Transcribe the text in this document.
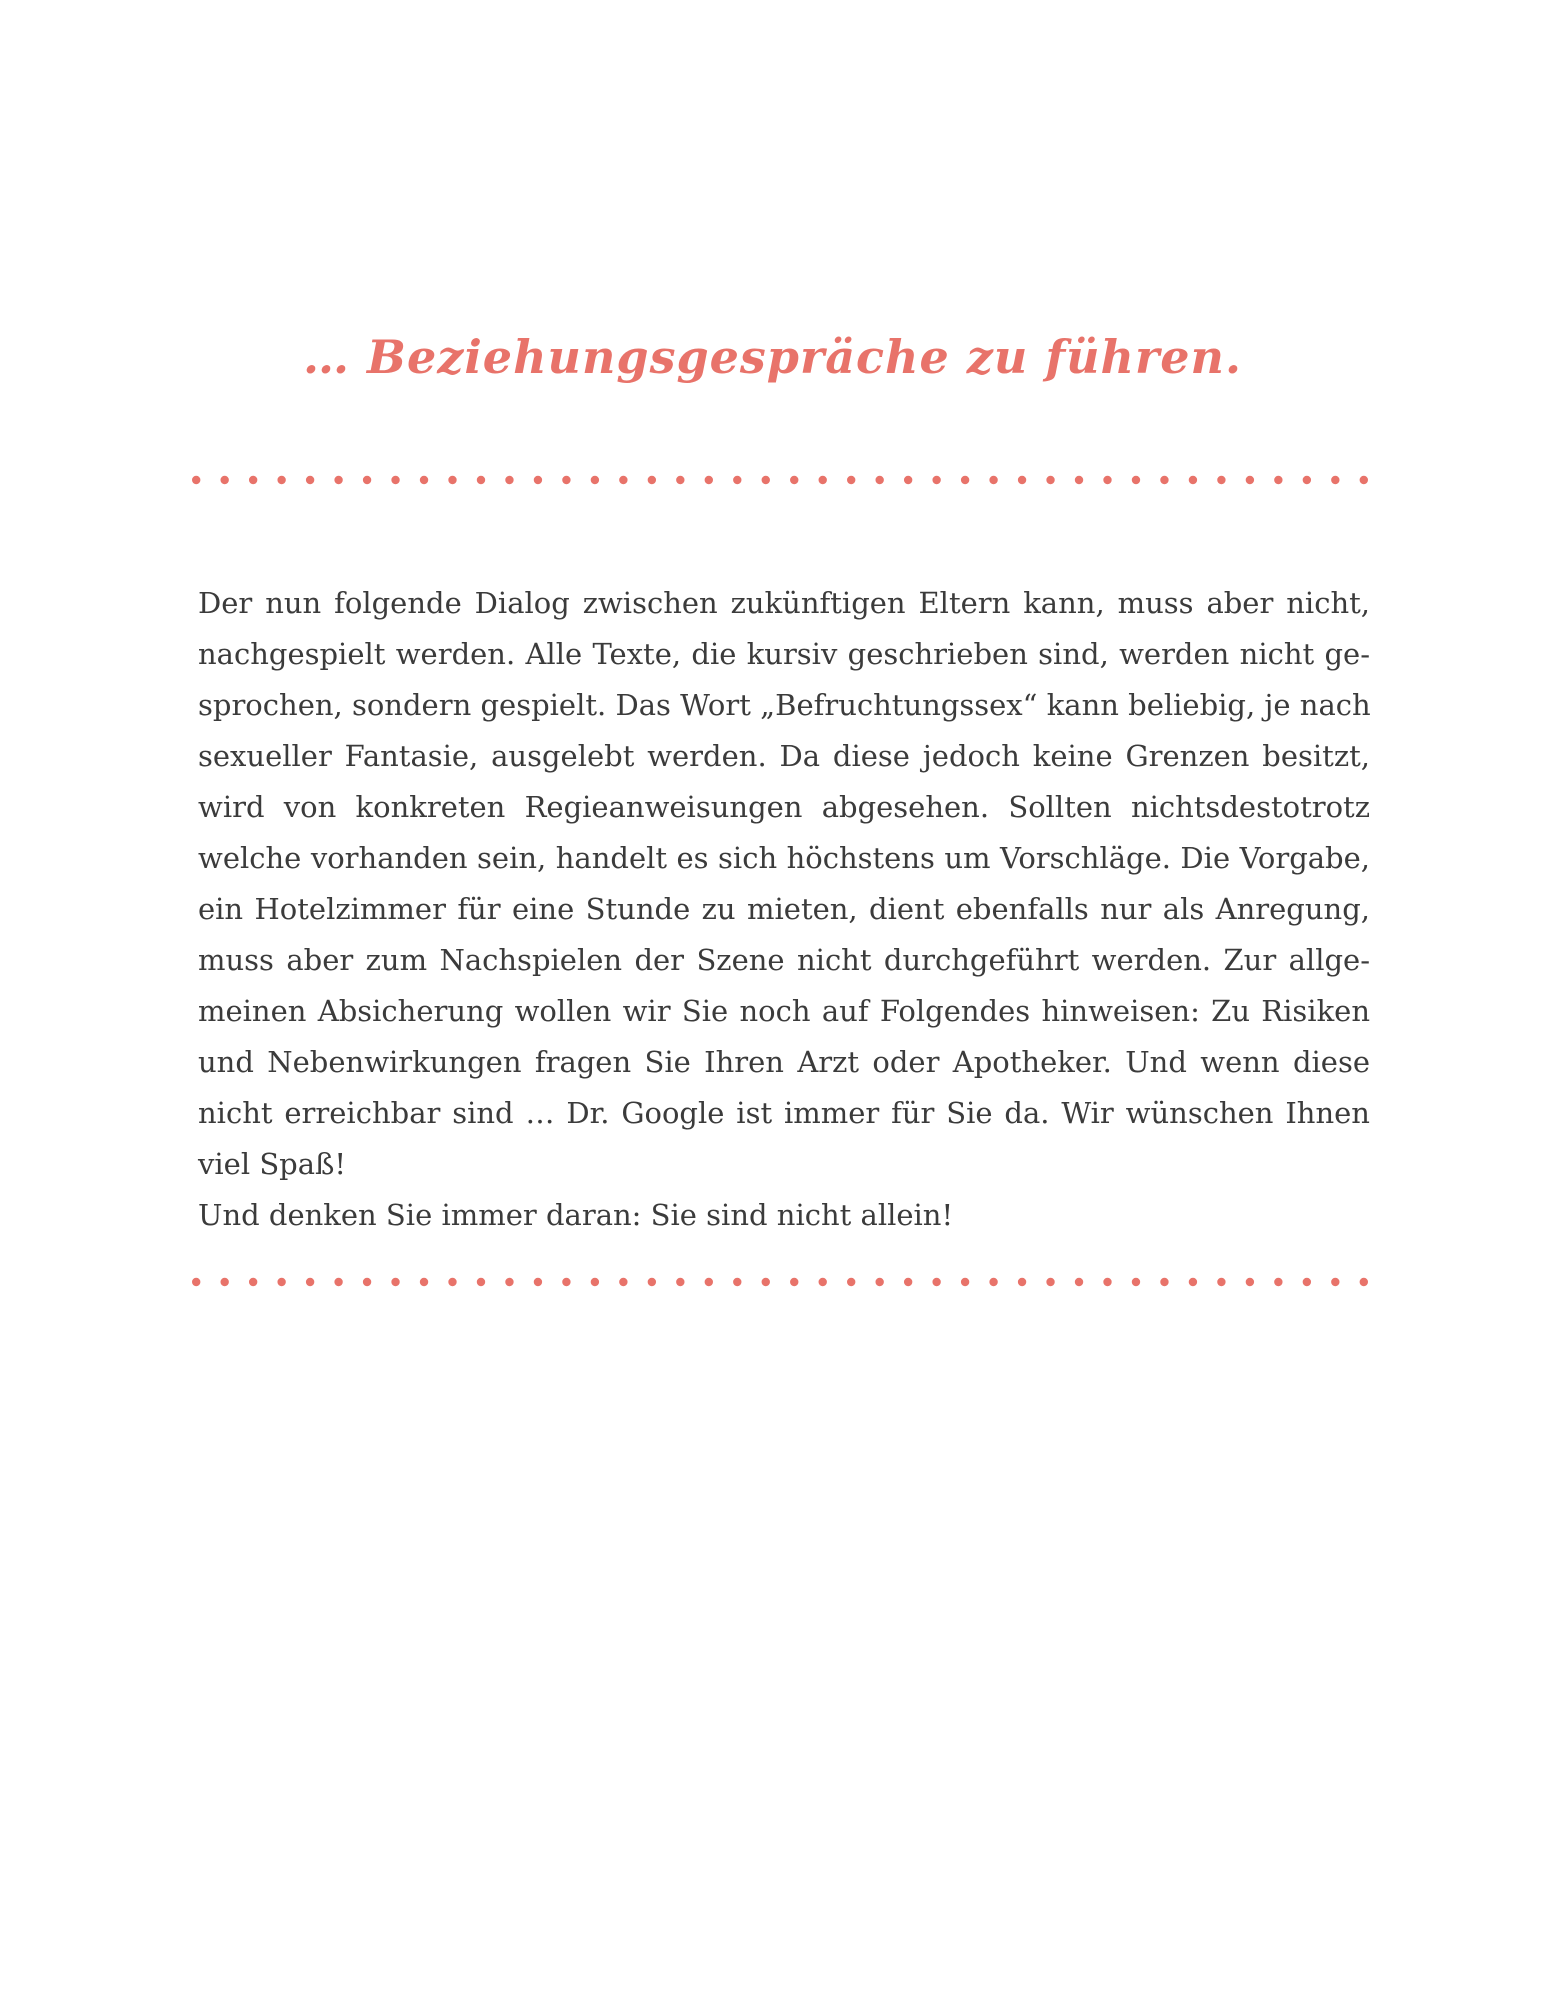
… Beziehungsgespräche zu führen.
Der nun folgende Dialog zwischen zukünftigen Eltern kann, muss aber nicht,
nachgespielt werden. Alle Texte, die kursiv geschrieben sind, werden nicht ge-
sprochen, sondern gespielt. Das Wort „Befruchtungssex“ kann beliebig, je nach
sexueller Fantasie, ausgelebt werden. Da diese jedoch keine Grenzen besitzt,
wird von konkreten Regieanweisungen abgesehen. Sollten nichtsdestotrotz
welche vorhanden sein, handelt es sich höchstens um Vorschläge. Die Vorgabe,
ein Hotelzimmer für eine Stunde zu mieten, dient ebenfalls nur als Anregung,
muss aber zum Nachspielen der Szene nicht durchgeführt werden. Zur allge-
meinen Absicherung wollen wir Sie noch auf Folgendes hinweisen: Zu Risiken
und Nebenwirkungen fragen Sie Ihren Arzt oder Apotheker. Und wenn diese
nicht erreichbar sind … Dr. Google ist immer für Sie da. Wir wünschen Ihnen
viel Spaß!
Und denken Sie immer daran: Sie sind nicht allein!
